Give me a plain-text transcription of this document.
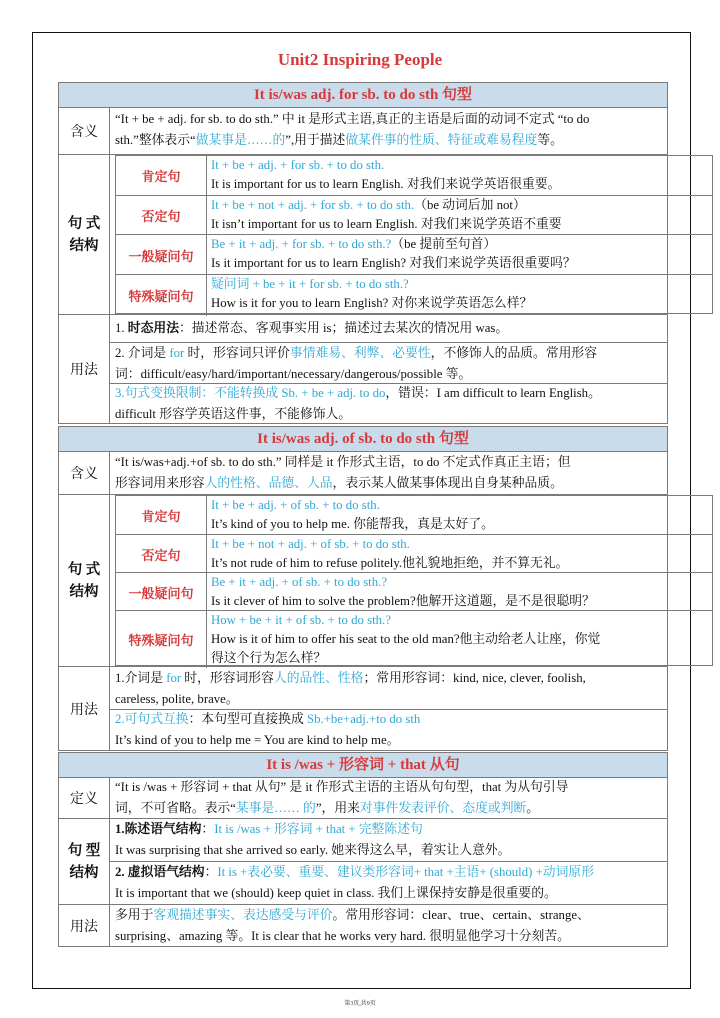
Unit2 Inspiring People
It is/was adj. for sb. to do sth 句型
含义
“It + be + adj. for sb. to do sth.” 中 it 是形式主语,真正的主语是后面的动词不定式 “to do
sth.”整体表示“做某事是……的”,用于描述做某件事的性质、特征或难易程度等。
句 式结构
肯定句
It + be + adj. + for sb. + to do sth.
It is important for us to learn English. 对我们来说学英语很重要。
否定句
It + be + not + adj. + for sb. + to do sth.（be 动词后加 not）
It isn’t important for us to learn English. 对我们来说学英语不重要
一般疑问句
Be + it + adj. + for sb. + to do sth.?（be 提前至句首）
Is it important for us to learn English? 对我们来说学英语很重要吗？
特殊疑问句
疑问词 + be + it + for sb. + to do sth.?
How is it for you to learn English? 对你来说学英语怎么样？
用法
1. 时态用法：描述常态、客观事实用 is；描述过去某次的情况用 was。
2. 介词是 for 时，形容词只评价事情难易、利弊、必要性，不修饰人的品质。常用形容
词：difficult/easy/hard/important/necessary/dangerous/possible 等。
3.句式变换限制：不能转换成 Sb. + be + adj. to do，错误：I am difficult to learn English。
difficult 形容学英语这件事，不能修饰人。
It is/was adj. of sb. to do sth 句型
含义
“It is/was+adj.+of sb. to do sth.” 同样是 it 作形式主语，to do 不定式作真正主语；但
形容词用来形容人的性格、品德、人品，表示某人做某事体现出自身某种品质。
句 式结构
肯定句
It + be + adj. + of sb. + to do sth.
It’s kind of you to help me. 你能帮我，真是太好了。
否定句
It + be + not + adj. + of sb. + to do sth.
It’s not rude of him to refuse politely.他礼貌地拒绝，并不算无礼。
一般疑问句
Be + it + adj. + of sb. + to do sth.?
Is it clever of him to solve the problem?他解开这道题，是不是很聪明？
特殊疑问句
How + be + it + of sb. + to do sth.?
How is it of him to offer his seat to the old man?他主动给老人让座，你觉
得这个行为怎么样？
用法
1.介词是 for 时，形容词形容人的品性、性格；常用形容词：kind, nice, clever, foolish,
careless, polite, brave。
2.可句式互换：本句型可直接换成 Sb.+be+adj.+to do sth
It’s kind of you to help me = You are kind to help me。
It is /was + 形容词 + that 从句
定义
“It is /was + 形容词 + that 从句” 是 it 作形式主语的主语从句句型，that 为从句引导
词，不可省略。表示“某事是…… 的”，用来对事件发表评价、态度或判断。
句 型结构
1.陈述语气结构：It is /was + 形容词 + that + 完整陈述句
It was surprising that she arrived so early. 她来得这么早，着实让人意外。
2. 虚拟语气结构：It is +表必要、重要、建议类形容词+ that +主语+ (should) +动词原形
It is important that we (should) keep quiet in class. 我们上课保持安静是很重要的。
用法
多用于客观描述事实、表达感受与评价。常用形容词：clear、true、certain、strange、
surprising、amazing 等。It is clear that he works very hard. 很明显他学习十分刻苦。
第3页,共9页
